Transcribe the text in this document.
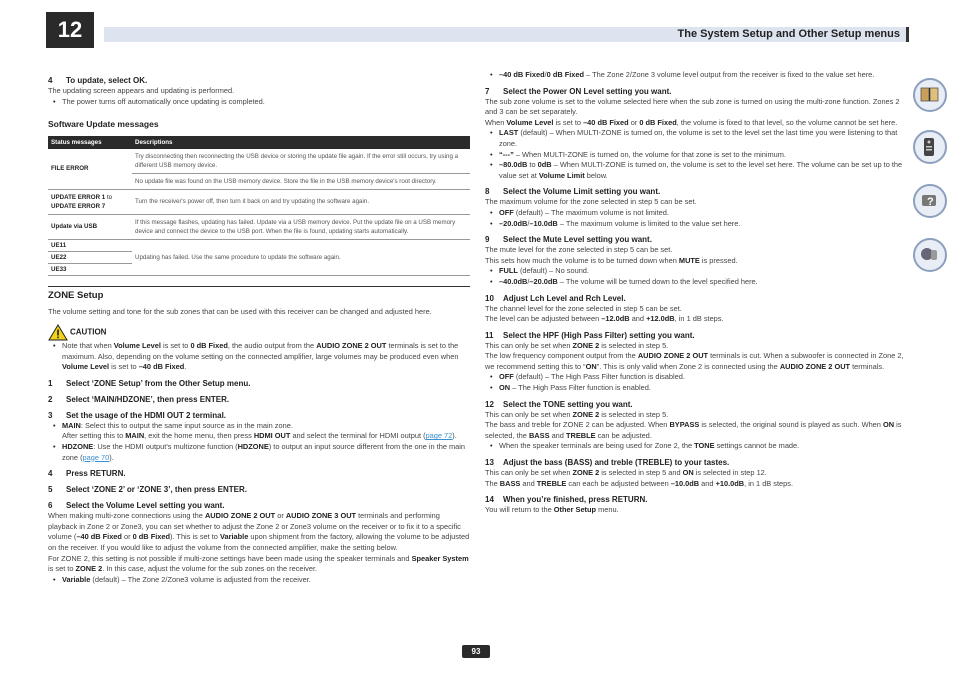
12	The System Setup and Other Setup menus
4 To update, select OK.
The updating screen appears and updating is performed.
• The power turns off automatically once updating is completed.
Software Update messages
Status messages	Descriptions
FILE ERROR	Try disconnecting then reconnecting the USB device or storing the update file again. If the error still occurs, try using a different USB memory device.
	No update file was found on the USB memory device. Store the file in the USB memory device's root directory.
UPDATE ERROR 1 to
UPDATE ERROR 7	Turn the receiver's power off, then turn it back on and try updating the software again.
Update via USB	If this message flashes, updating has failed. Update via a USB memory device. Put the update file on a USB memory device and connect the device to the USB port. When the file is found, updating starts automatically.
UE11	Updating has failed. Use the same procedure to update the software again.
UE22	
UE33	
ZONE Setup
The volume setting and tone for the sub zones that can be used with this receiver can be changed and adjusted here.
CAUTION
• Note that when Volume Level is set to 0 dB Fixed, the audio output from the AUDIO ZONE 2 OUT terminals is set to the maximum. Also, depending on the volume setting on the connected amplifier, large volumes may be produced even when Volume Level is set to –40 dB Fixed.
1 Select ‘ZONE Setup’ from the Other Setup menu.
2 Select ‘MAIN/HDZONE’, then press ENTER.
3 Set the usage of the HDMI OUT 2 terminal.
• MAIN: Select this to output the same input source as in the main zone.
After setting this to MAIN, exit the home menu, then press HDMI OUT and select the terminal for HDMI output (page 72).
• HDZONE: Use the HDMI output's multizone function (HDZONE) to output an input source different from the one in the main zone (page 70).
4 Press RETURN.
5 Select ‘ZONE 2’ or ‘ZONE 3’, then press ENTER.
6 Select the Volume Level setting you want.
When making multi-zone connections using the AUDIO ZONE 2 OUT or AUDIO ZONE 3 OUT terminals and performing playback in Zone 2 or Zone3, you can set whether to adjust the Zone 2 or Zone3 volume on the receiver or to fix it to a specific volume (–40 dB Fixed or 0 dB Fixed). This is set to Variable upon shipment from the factory, allowing the volume to be adjusted on the receiver. If you would like to adjust the volume from the connected amplifier, make the setting below.
For ZONE 2, this setting is not possible if multi-zone settings have been made using the speaker terminals and Speaker System is set to ZONE 2. In this case, adjust the volume for the sub zones on the receiver.
• Variable (default) – The Zone 2/Zone3 volume is adjusted from the receiver.
• –40 dB Fixed/0 dB Fixed – The Zone 2/Zone 3 volume level output from the receiver is fixed to the value set here.
7 Select the Power ON Level setting you want.
The sub zone volume is set to the volume selected here when the sub zone is turned on using the multi-zone function. Zones 2 and 3 can be set separately.
When Volume Level is set to –40 dB Fixed or 0 dB Fixed, the volume is fixed to that level, so the volume cannot be set here.
• LAST (default) – When MULTI-ZONE is turned on, the volume is set to the level set the last time you were listening to that zone.
• “---” – When MULTI-ZONE is turned on, the volume for that zone is set to the minimum.
• –80.0dB to 0dB – When MULTI-ZONE is turned on, the volume is set to the level set here. The volume can be set up to the value set at Volume Limit below.
8 Select the Volume Limit setting you want.
The maximum volume for the zone selected in step 5 can be set.
• OFF (default) – The maximum volume is not limited.
• –20.0dB/–10.0dB – The maximum volume is limited to the value set here.
9 Select the Mute Level setting you want.
The mute level for the zone selected in step 5 can be set.
This sets how much the volume is to be turned down when MUTE is pressed.
• FULL (default) – No sound.
• –40.0dB/–20.0dB – The volume will be turned down to the level specified here.
10 Adjust Lch Level and Rch Level.
The channel level for the zone selected in step 5 can be set.
The level can be adjusted between –12.0dB and +12.0dB, in 1 dB steps.
11 Select the HPF (High Pass Filter) setting you want.
This can only be set when ZONE 2 is selected in step 5.
The low frequency component output from the AUDIO ZONE 2 OUT terminals is cut. When a subwoofer is connected in Zone 2, we recommend setting this to “ON”. This is only valid when Zone 2 is connected using the AUDIO ZONE 2 OUT terminals.
• OFF (default) – The High Pass Filter function is disabled.
• ON – The High Pass Filter function is enabled.
12 Select the TONE setting you want.
This can only be set when ZONE 2 is selected in step 5.
The bass and treble for ZONE 2 can be adjusted. When BYPASS is selected, the original sound is played as such. When ON is selected, the BASS and TREBLE can be adjusted.
• When the speaker terminals are being used for Zone 2, the TONE settings cannot be made.
13 Adjust the bass (BASS) and treble (TREBLE) to your tastes.
This can only be set when ZONE 2 is selected in step 5 and ON is selected in step 12.
The BASS and TREBLE can each be adjusted between –10.0dB and +10.0dB, in 1 dB steps.
14 When you’re finished, press RETURN.
You will return to the Other Setup menu.
?
93
